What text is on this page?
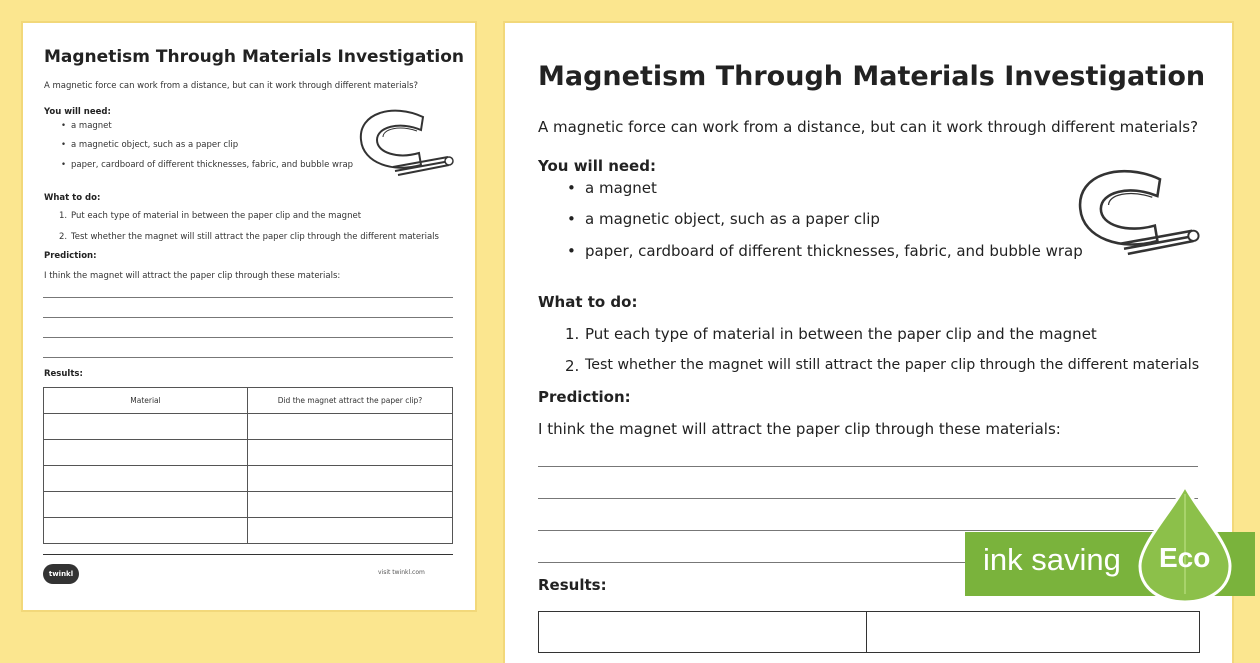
Magnetism Through Materials Investigation
A magnetic force can work from a distance, but can it work through different materials?
You will need:
• a magnet
• a magnetic object, such as a paper clip
• paper, cardboard of different thicknesses, fabric, and bubble wrap
What to do:
1. Put each type of material in between the paper clip and the magnet
2. Test whether the magnet will still attract the paper clip through the different materials
Prediction:
I think the magnet will attract the paper clip through these materials:
Results:
Material	Did the magnet attract the paper clip?

twinkl	visit twinkl.com
Magnetism Through Materials Investigation
A magnetic force can work from a distance, but can it work through different materials?
You will need:
• a magnet
• a magnetic object, such as a paper clip
• paper, cardboard of different thicknesses, fabric, and bubble wrap
What to do:
1. Put each type of material in between the paper clip and the magnet
2. Test whether the magnet will still attract the paper clip through the different materials
Prediction:
I think the magnet will attract the paper clip through these materials:
Results:
ink saving Eco
